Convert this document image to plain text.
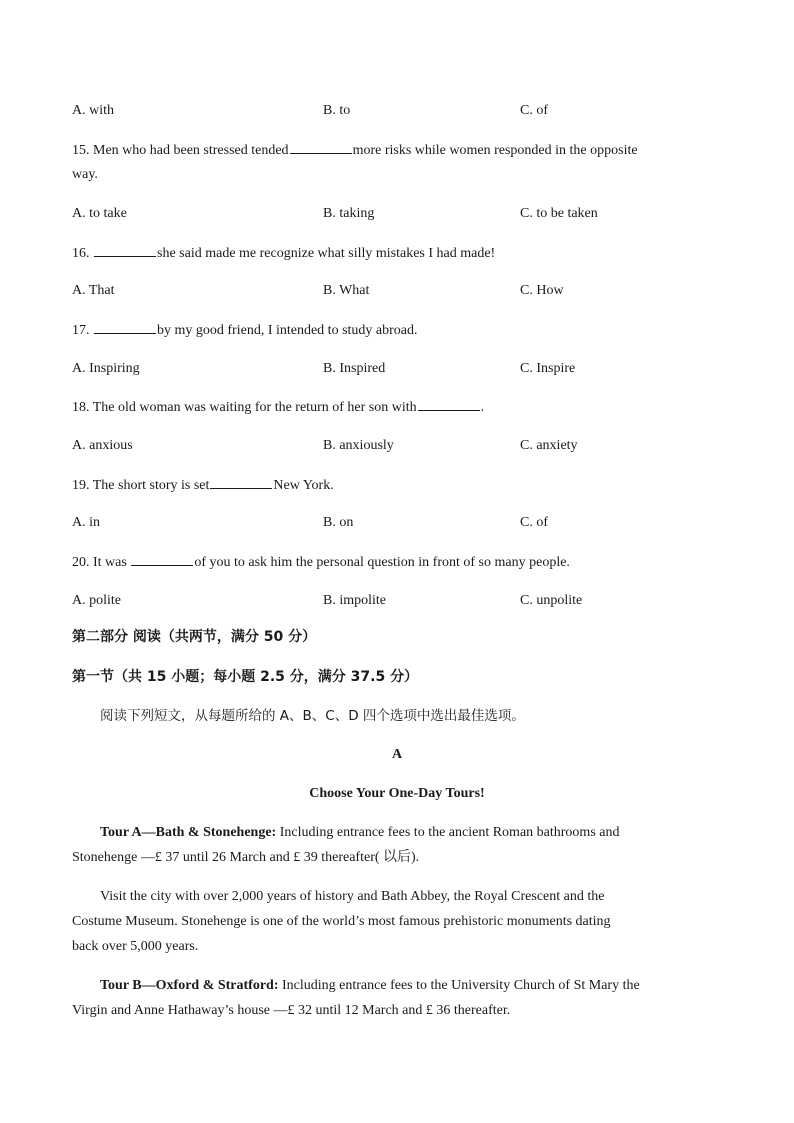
A. with	B. to	C. of
15. Men who had been stressed tended	more risks while women responded in the opposite
way.
A. to take	B. taking	C. to be taken
16.	she said made me recognize what silly mistakes I had made!
A. That	B. What	C. How
17.	by my good friend, I intended to study abroad.
A. Inspiring	B. Inspired	C. Inspire
18. The old woman was waiting for the return of her son with	.
A. anxious	B. anxiously	C. anxiety
19. The short story is set	New York.
A. in	B. on	C. of
20. It was	of you to ask him the personal question in front of so many people.
A. polite	B. impolite	C. unpolite
第二部分 阅读（共两节，满分 50 分）
第一节（共 15 小题；每小题 2.5 分，满分 37.5 分）
阅读下列短文，从每题所给的 A、B、C、D 四个选项中选出最佳选项。
A
Choose Your One-Day Tours!
Tour A—Bath & Stonehenge: Including entrance fees to the ancient Roman bathrooms and
Stonehenge —£ 37 until 26 March and £ 39 thereafter( 以后).
Visit the city with over 2,000 years of history and Bath Abbey, the Royal Crescent and the
Costume Museum. Stonehenge is one of the world’s most famous prehistoric monuments dating
back over 5,000 years.
Tour B—Oxford & Stratford: Including entrance fees to the University Church of St Mary the
Virgin and Anne Hathaway’s house —£ 32 until 12 March and £ 36 thereafter.
